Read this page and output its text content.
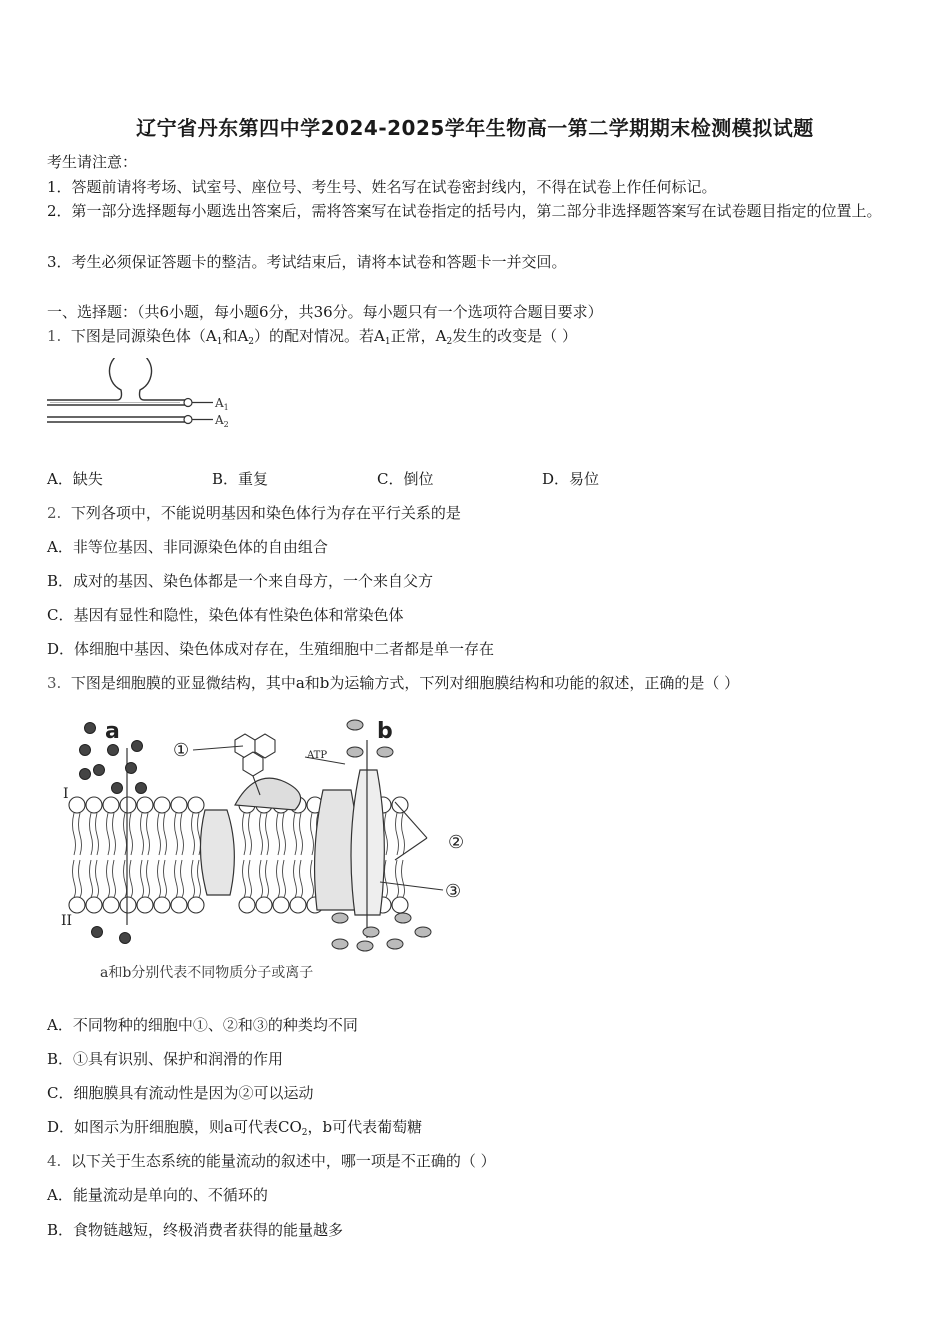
辽宁省丹东第四中学2024-2025学年生物高一第二学期期末检测模拟试题
考生请注意：
1．答题前请将考场、试室号、座位号、考生号、姓名写在试卷密封线内，不得在试卷上作任何标记。
2．第一部分选择题每小题选出答案后，需将答案写在试卷指定的括号内，第二部分非选择题答案写在试卷题目指定的位置上。
3．考生必须保证答题卡的整洁。考试结束后，请将本试卷和答题卡一并交回。
一、选择题：（共6小题，每小题6分，共36分。每小题只有一个选项符合题目要求）
1. 下图是同源染色体（$A_1$和$A_2$）的配对情况。若$A_1$正常，$A_2$发生的改变是（ ）
$A_1$
$A_2$
A．缺失	B．重复	C．倒位	D．易位
2. 下列各项中，不能说明基因和染色体行为存在平行关系的是
A．非等位基因、非同源染色体的自由组合
B．成对的基因、染色体都是一个来自母方，一个来自父方
C．基因有显性和隐性，染色体有性染色体和常染色体
D．体细胞中基因、染色体成对存在，生殖细胞中二者都是单一存在
3. 下图是细胞膜的亚显微结构，其中a和b为运输方式，下列对细胞膜结构和功能的叙述，正确的是（ ）
a	b
①
②
③
I
II
ATP
a和b分别代表不同物质分子或离子
A．不同物种的细胞中①、②和③的种类均不同
B．①具有识别、保护和润滑的作用
C．细胞膜具有流动性是因为②可以运动
D．如图示为肝细胞膜，则a可代表$CO_2$，b可代表葡萄糖
4. 以下关于生态系统的能量流动的叙述中，哪一项是不正确的（ ）
A．能量流动是单向的、不循环的
B．食物链越短，终极消费者获得的能量越多
